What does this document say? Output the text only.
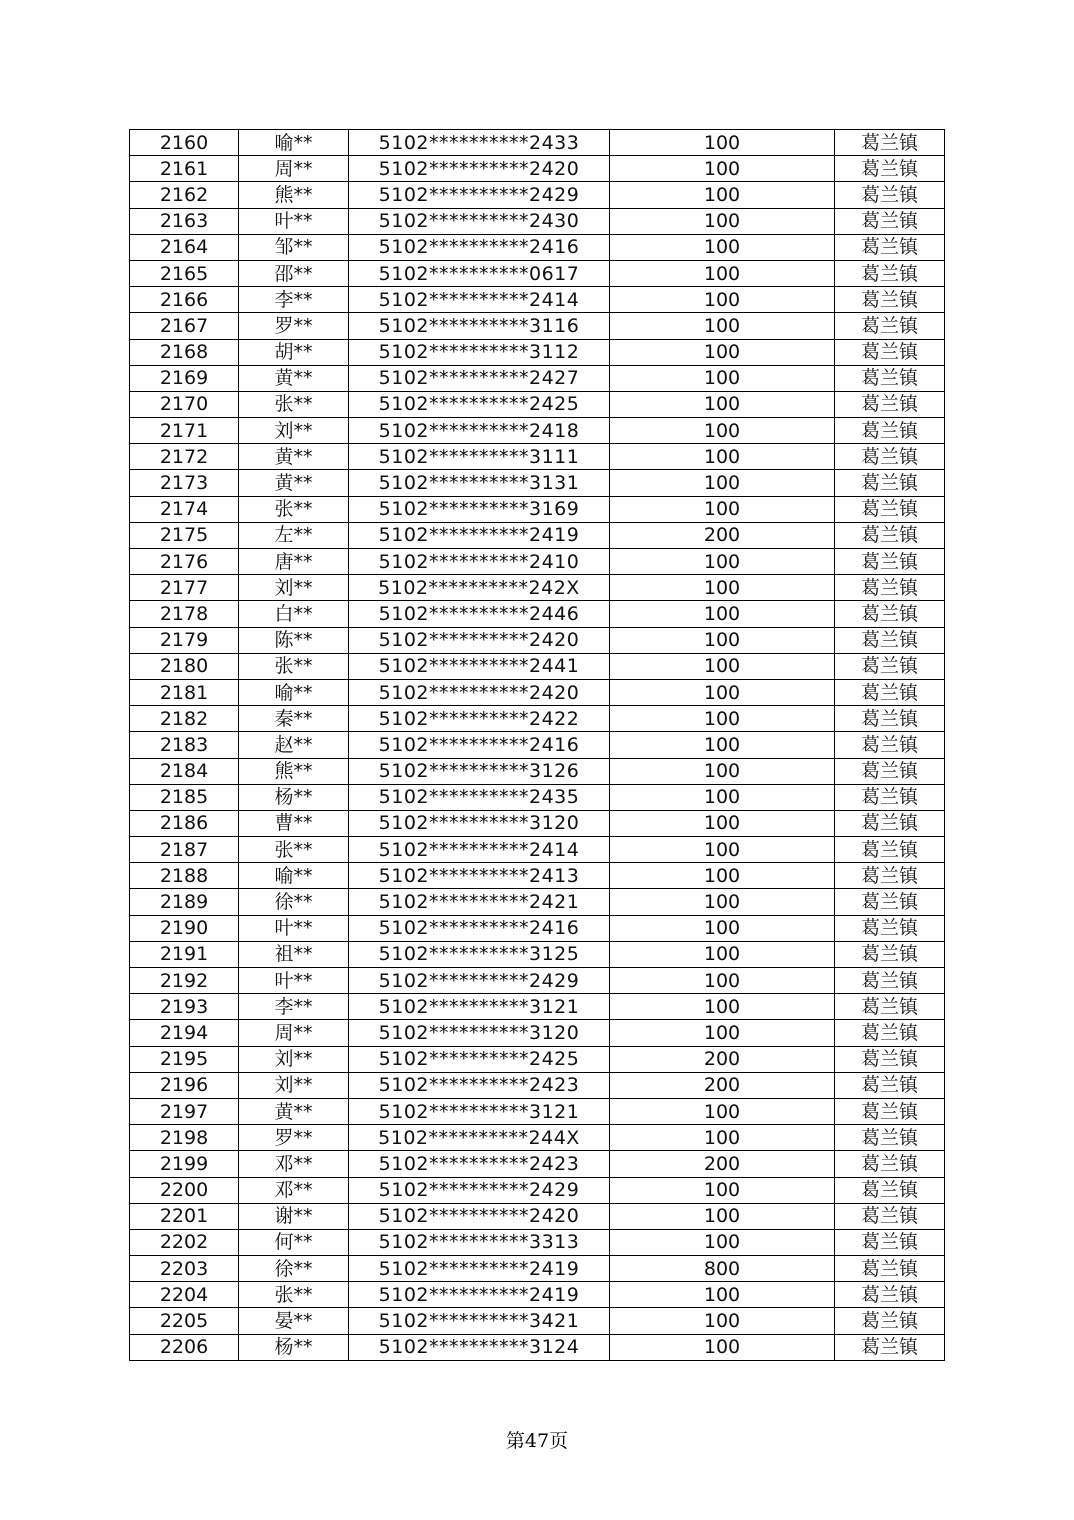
2160	喻**	5102**********2433	100	葛兰镇
2161	周**	5102**********2420	100	葛兰镇
2162	熊**	5102**********2429	100	葛兰镇
2163	叶**	5102**********2430	100	葛兰镇
2164	邹**	5102**********2416	100	葛兰镇
2165	邵**	5102**********0617	100	葛兰镇
2166	李**	5102**********2414	100	葛兰镇
2167	罗**	5102**********3116	100	葛兰镇
2168	胡**	5102**********3112	100	葛兰镇
2169	黄**	5102**********2427	100	葛兰镇
2170	张**	5102**********2425	100	葛兰镇
2171	刘**	5102**********2418	100	葛兰镇
2172	黄**	5102**********3111	100	葛兰镇
2173	黄**	5102**********3131	100	葛兰镇
2174	张**	5102**********3169	100	葛兰镇
2175	左**	5102**********2419	200	葛兰镇
2176	唐**	5102**********2410	100	葛兰镇
2177	刘**	5102**********242X	100	葛兰镇
2178	白**	5102**********2446	100	葛兰镇
2179	陈**	5102**********2420	100	葛兰镇
2180	张**	5102**********2441	100	葛兰镇
2181	喻**	5102**********2420	100	葛兰镇
2182	秦**	5102**********2422	100	葛兰镇
2183	赵**	5102**********2416	100	葛兰镇
2184	熊**	5102**********3126	100	葛兰镇
2185	杨**	5102**********2435	100	葛兰镇
2186	曹**	5102**********3120	100	葛兰镇
2187	张**	5102**********2414	100	葛兰镇
2188	喻**	5102**********2413	100	葛兰镇
2189	徐**	5102**********2421	100	葛兰镇
2190	叶**	5102**********2416	100	葛兰镇
2191	祖**	5102**********3125	100	葛兰镇
2192	叶**	5102**********2429	100	葛兰镇
2193	李**	5102**********3121	100	葛兰镇
2194	周**	5102**********3120	100	葛兰镇
2195	刘**	5102**********2425	200	葛兰镇
2196	刘**	5102**********2423	200	葛兰镇
2197	黄**	5102**********3121	100	葛兰镇
2198	罗**	5102**********244X	100	葛兰镇
2199	邓**	5102**********2423	200	葛兰镇
2200	邓**	5102**********2429	100	葛兰镇
2201	谢**	5102**********2420	100	葛兰镇
2202	何**	5102**********3313	100	葛兰镇
2203	徐**	5102**********2419	800	葛兰镇
2204	张**	5102**********2419	100	葛兰镇
2205	晏**	5102**********3421	100	葛兰镇
2206	杨**	5102**********3124	100	葛兰镇
第47页
